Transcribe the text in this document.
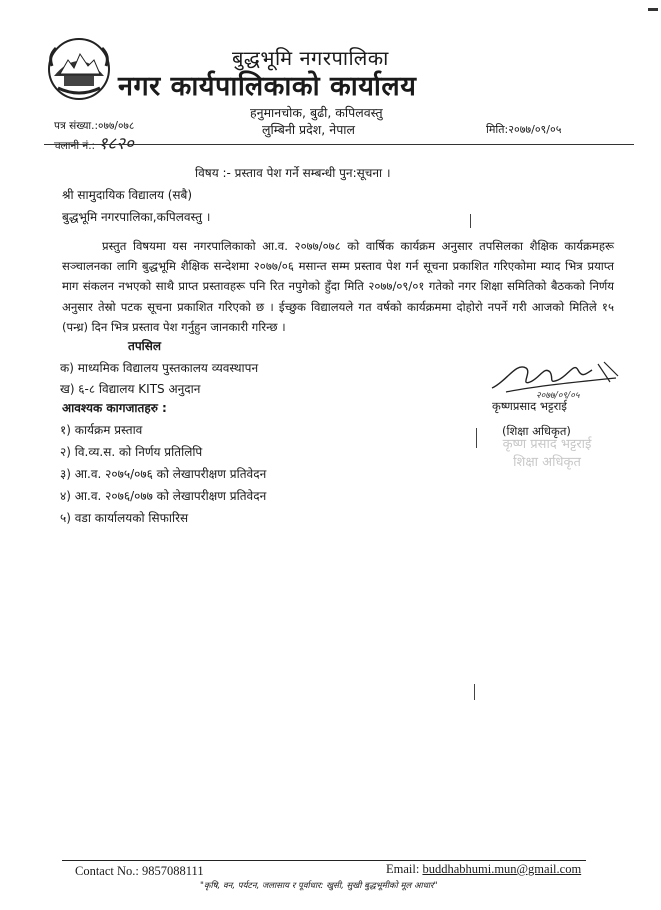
बुद्धभूमि नगरपालिका
नगर कार्यपालिकाको कार्यालय
हनुमानचोक, बुढी, कपिलवस्तु
लुम्बिनी प्रदेश, नेपाल
पत्र संख्या.:०७७/०७८
चलानी नं.: १८२०
मिति:२०७७/०९/०५
विषय :- प्रस्ताव पेश गर्ने सम्बन्धी पुन:सूचना ।
श्री सामुदायिक विद्यालय (सबै)
बुद्धभूमि नगरपालिका,कपिलवस्तु ।
प्रस्तुत विषयमा यस नगरपालिकाको आ.व. २०७७/०७८ को वार्षिक कार्यक्रम अनुसार तपसिलका शैक्षिक कार्यक्रमहरू सञ्चालनका लागि बुद्धभूमि शैक्षिक सन्देशमा २०७७/०६ मसान्त सम्म प्रस्ताव पेश गर्न सूचना प्रकाशित गरिएकोमा म्याद भित्र प्रयाप्त माग संकलन नभएको साथै प्राप्त प्रस्तावहरू पनि रित नपुगेको हुँदा मिति २०७७/०९/०१ गतेको नगर शिक्षा समितिको बैठकको निर्णय अनुसार तेस्रो पटक सूचना प्रकाशित गरिएको छ । ईच्छुक विद्यालयले गत वर्षको कार्यक्रममा दोहोरो नपर्ने गरी आजको मितिले १५ (पन्ध्र) दिन भित्र प्रस्ताव पेश गर्नुहुन जानकारी गरिन्छ ।
तपसिल
क) माध्यमिक विद्यालय पुस्तकालय व्यवस्थापन
ख) ६-८ विद्यालय KITS अनुदान
आवश्यक कागजातहरु :
१) कार्यक्रम प्रस्ताव
२) वि.व्य.स. को निर्णय प्रतिलिपि
३) आ.व. २०७५/०७६ को लेखापरीक्षण प्रतिवेदन
४) आ.व. २०७६/०७७ को लेखापरीक्षण प्रतिवेदन
५) वडा कार्यालयको सिफारिस
२०७७/०९/०५
कृष्णप्रसाद भट्टराई
(शिक्षा अधिकृत)
कृष्ण प्रसाद भट्टराई
शिक्षा अधिकृत
Contact No.: 9857088111	Email: buddhabhumi.mun@gmail.com
"कृषि, वन, पर्यटन, जलासाय र पूर्वाधार: खुसी, सुखी बुद्धभूमीको मूल आधार"
